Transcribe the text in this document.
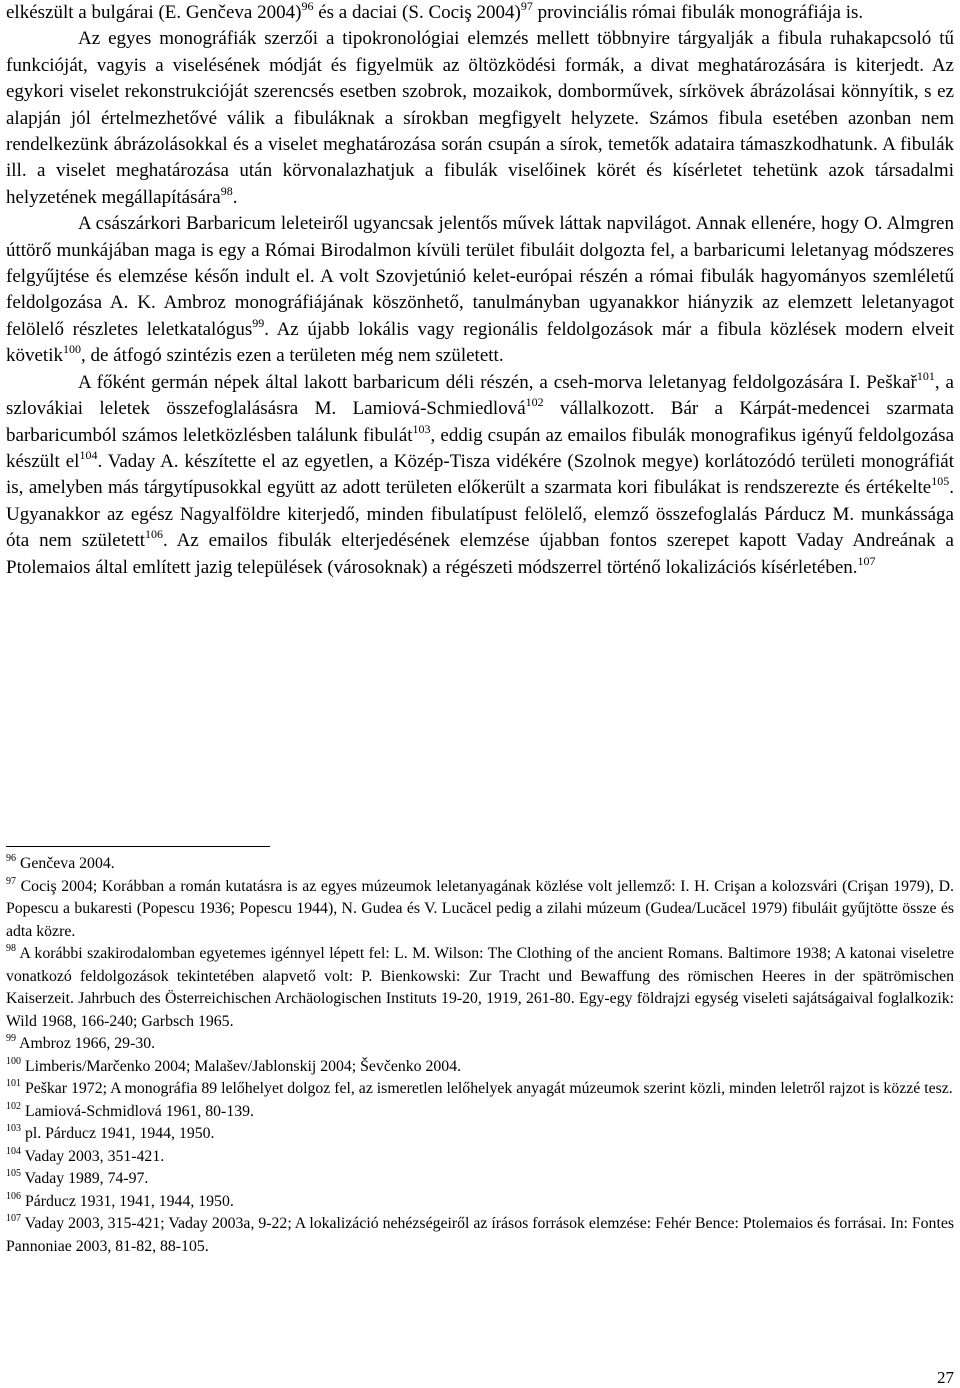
elkészült a bulgárai (E. Genčeva 2004)$^{96}$ és a daciai (S. Cociş 2004)$^{97}$ provinciális római fibulák monográfiája is.

Az egyes monográfiák szerzői a tipokronológiai elemzés mellett többnyire tárgyalják a fibula ruhakapcsoló tű funkcióját, vagyis a viselésének módját és figyelmük az öltözködési formák, a divat meghatározására is kiterjedt. Az egykori viselet rekonstrukcióját szerencsés esetben szobrok, mozaikok, domborművek, sírkövek ábrázolásai könnyítik, s ez alapján jól értelmezhetővé válik a fibuláknak a sírokban megfigyelt helyzete. Számos fibula esetében azonban nem rendelkezünk ábrázolásokkal és a viselet meghatározása során csupán a sírok, temetők adataira támaszkodhatunk. A fibulák ill. a viselet meghatározása után körvonalazhatjuk a fibulák viselőinek körét és kísérletet tehetünk azok társadalmi helyzetének megállapítására$^{98}$.

A császárkori Barbaricum leleteiről ugyancsak jelentős művek láttak napvilágot. Annak ellenére, hogy O. Almgren úttörő munkájában maga is egy a Római Birodalmon kívüli terület fibuláit dolgozta fel, a barbaricumi leletanyag módszeres felgyűjtése és elemzése későn indult el. A volt Szovjetúnió kelet-európai részén a római fibulák hagyományos szemléletű feldolgozása A. K. Ambroz monográfiájának köszönhető, tanulmányban ugyanakkor hiányzik az elemzett leletanyagot felölelő részletes leletkatalógus$^{99}$. Az újabb lokális vagy regionális feldolgozások már a fibula közlések modern elveit követik$^{100}$, de átfogó szintézis ezen a területen még nem született.

A főként germán népek által lakott barbaricum déli részén, a cseh-morva leletanyag feldolgozására I. Peškař$^{101}$, a szlovákiai leletek összefoglalásásra M. Lamiová-Schmiedlová$^{102}$ vállalkozott. Bár a Kárpát-medencei szarmata barbaricumból számos leletközlésben találunk fibulát$^{103}$, eddig csupán az emailos fibulák monografikus igényű feldolgozása készült $el^{104}$. Vaday A. készítette el az egyetlen, a Közép-Tisza vidékére (Szolnok megye) korlátozódó területi monográfiát is, amelyben más tárgytípusokkal együtt az adott területen előkerült a szarmata kori fibulákat is rendszerezte és értékelte$^{105}$. Ugyanakkor az egész Nagyalföldre kiterjedő, minden fibulatípust felölelő, elemző összefoglalás Párducz M. munkássága óta nem született$^{106}$. Az emailos fibulák elterjedésének elemzése újabban fontos szerepet kapott Vaday Andreának a Ptolemaios által említett jazig települések (városoknak) a régészeti módszerrel történő lokalizációs kísérletében.$^{107}$

$^{96}$ Genčeva 2004.
$^{97}$ Cociş 2004; Korábban a román kutatásra is az egyes múzeumok leletanyagának közlése volt jellemző: I. H. Crişan a kolozsvári (Crişan 1979), D. Popescu a bukaresti (Popescu 1936; Popescu 1944), N. Gudea és V. Lucăcel pedig a zilahi múzeum (Gudea/Lucăcel 1979) fibuláit gyűjtötte össze és adta közre.
$^{98}$ A korábbi szakirodalomban egyetemes igénnyel lépett fel: L. M. Wilson: The Clothing of the ancient Romans. Baltimore 1938; A katonai viseletre vonatkozó feldolgozások tekintetében alapvető volt: P. Bienkowski: Zur Tracht und Bewaffung des römischen Heeres in der spätrömischen Kaiserzeit. Jahrbuch des Österreichischen Archäologischen Instituts 19-20, 1919, 261-80. Egy-egy földrajzi egység viseleti sajátságaival foglalkozik: Wild 1968, 166-240; Garbsch 1965.
$^{99}$ Ambroz 1966, 29-30.
$^{100}$ Limberis/Marčenko 2004; Malašev/Jablonskij 2004; Ševčenko 2004.
$^{101}$ Peškar 1972; A monográfia 89 lelőhelyet dolgoz fel, az ismeretlen lelőhelyek anyagát múzeumok szerint közli, minden leletről rajzot is közzé tesz.
$^{102}$ Lamiová-Schmidlová 1961, 80-139.
$^{103}$ pl. Párducz 1941, 1944, 1950.
$^{104}$ Vaday 2003, 351-421.
$^{105}$ Vaday 1989, 74-97.
$^{106}$ Párducz 1931, 1941, 1944, 1950.
$^{107}$ Vaday 2003, 315-421; Vaday 2003a, 9-22; A lokalizáció nehézségeiről az írásos források elemzése: Fehér Bence: Ptolemaios és forrásai. In: Fontes Pannoniae 2003, 81-82, 88-105.
27
